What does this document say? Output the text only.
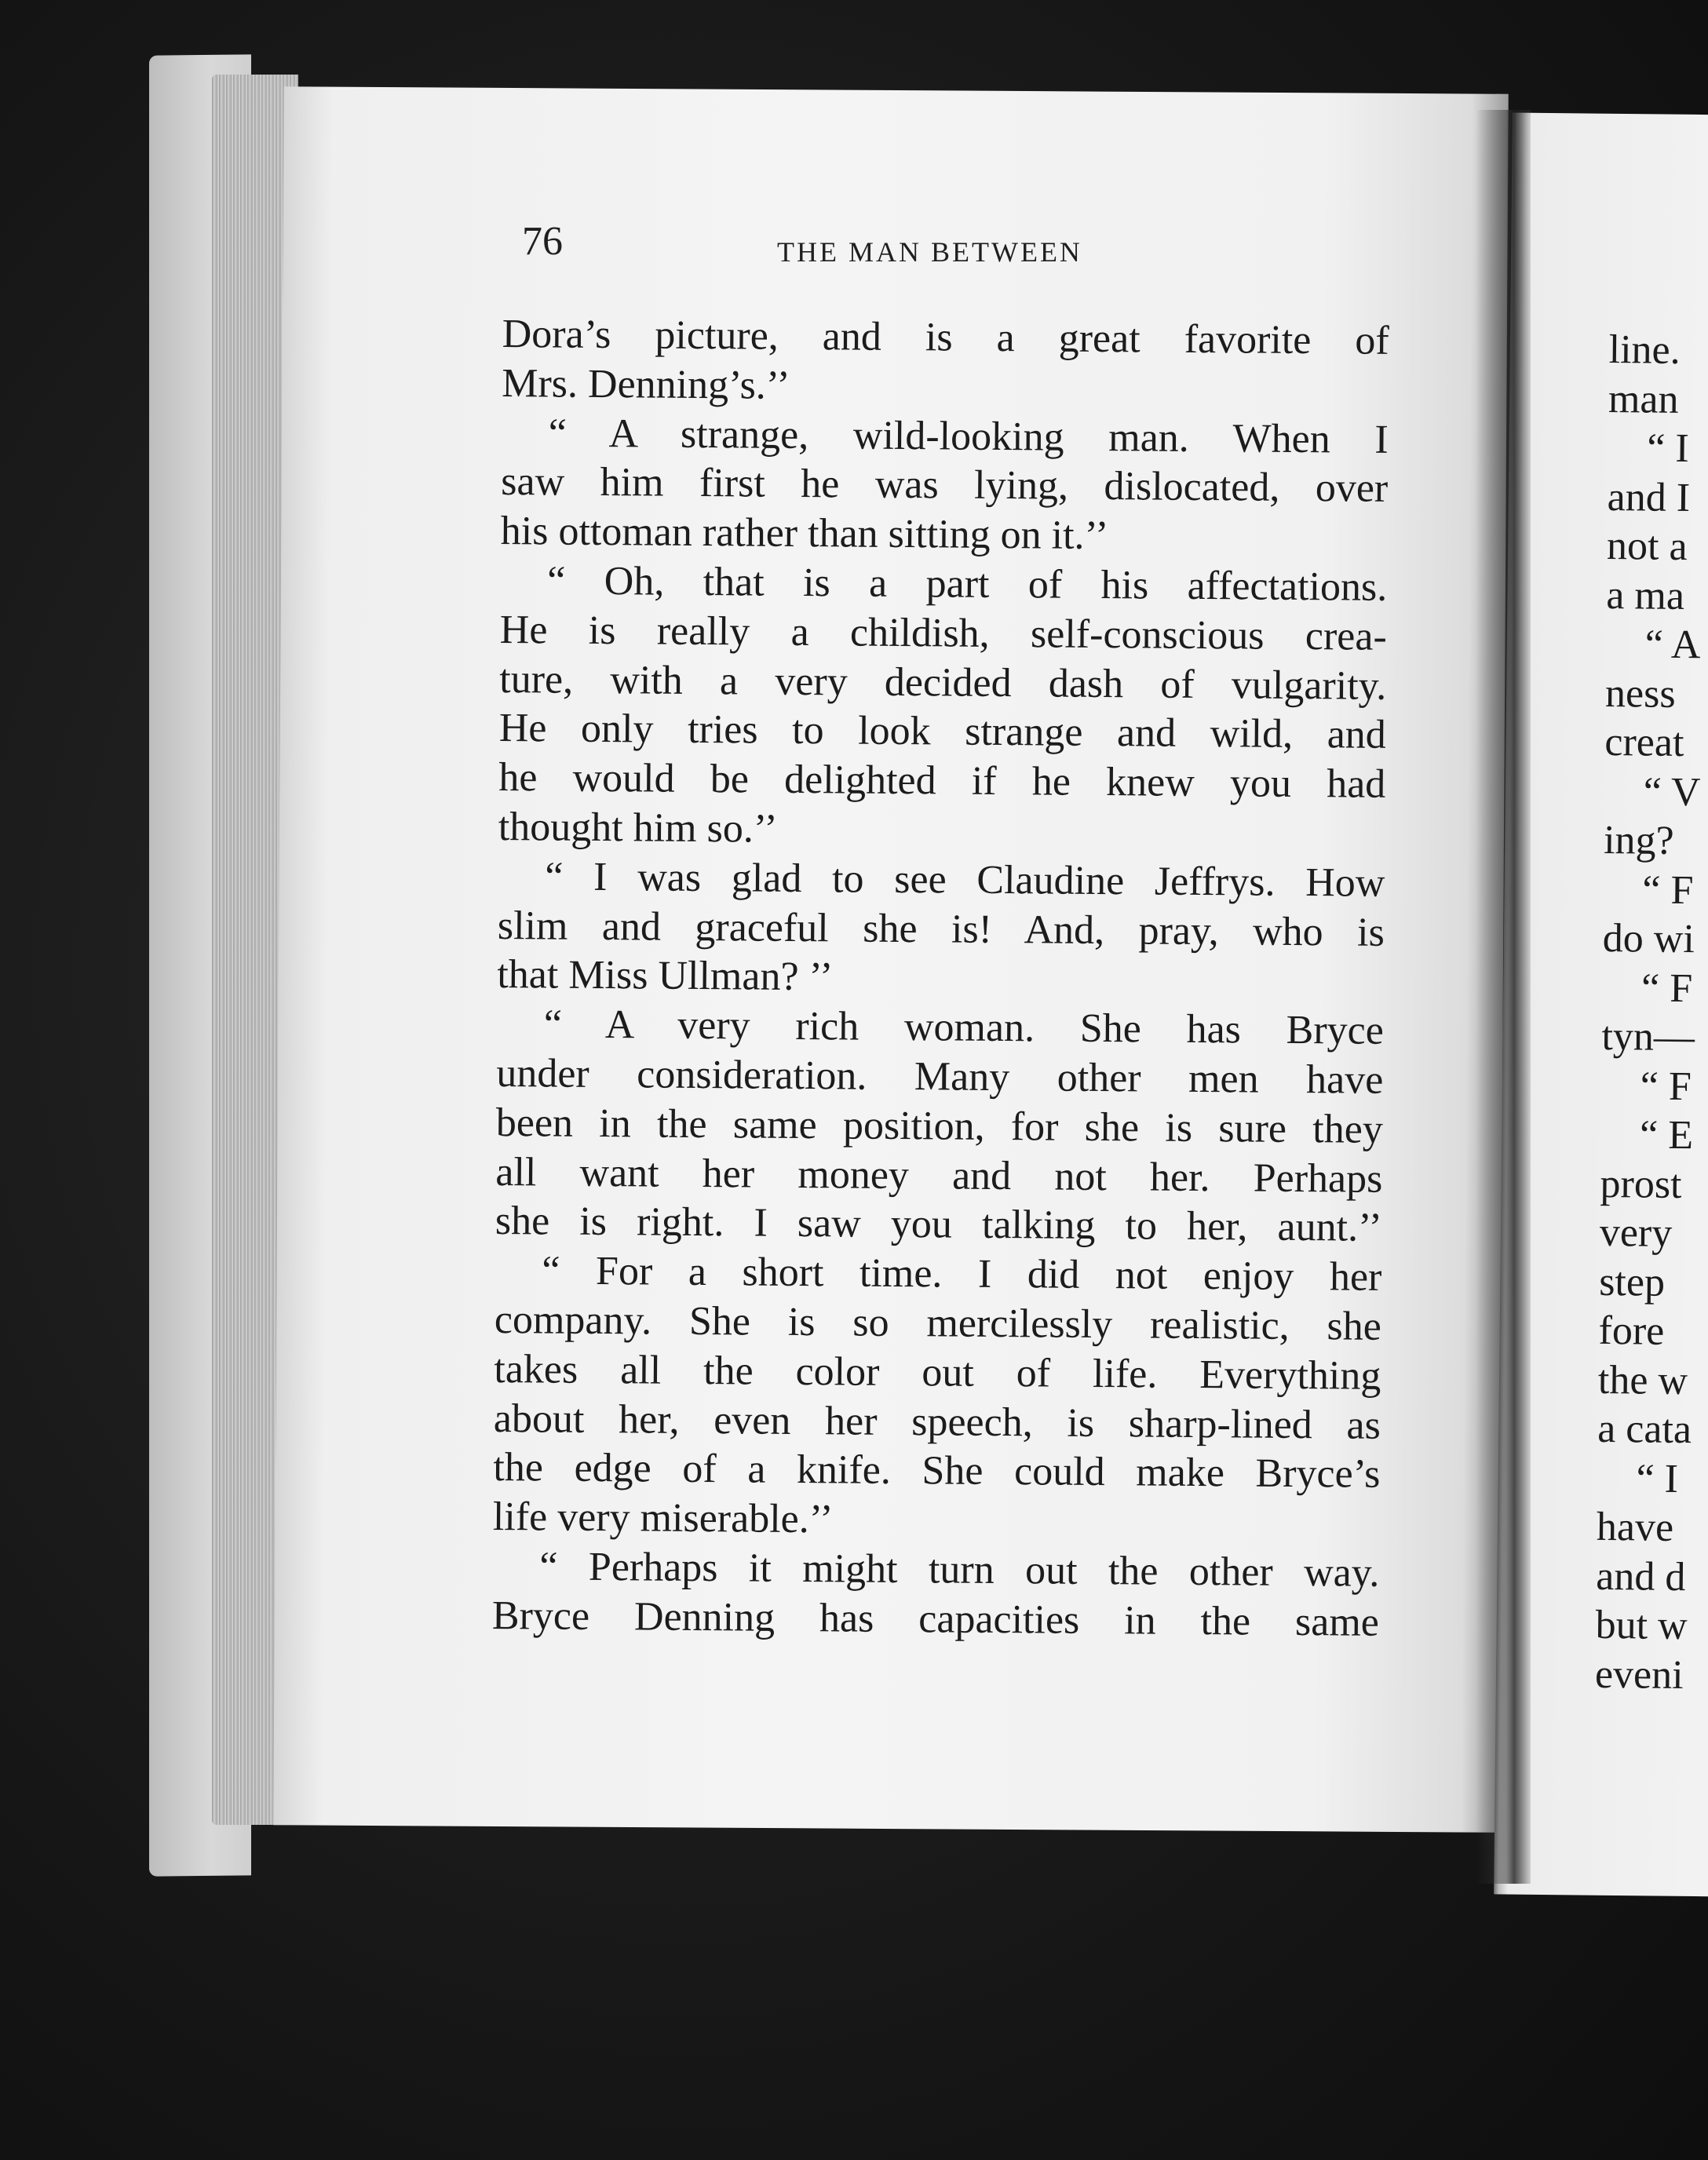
76	THE MAN BETWEEN
Dora’s picture, and is a great favorite of
Mrs. Denning’s.’’
“ A strange, wild-looking man. When I
saw him first he was lying, dislocated, over
his ottoman rather than sitting on it.’’
“ Oh, that is a part of his affectations.
He is really a childish, self-conscious crea-
ture, with a very decided dash of vulgarity.
He only tries to look strange and wild, and
he would be delighted if he knew you had
thought him so.’’
“ I was glad to see Claudine Jeffrys. How
slim and graceful she is! And, pray, who is
that Miss Ullman? ’’
“ A very rich woman. She has Bryce
under consideration. Many other men have
been in the same position, for she is sure they
all want her money and not her. Perhaps
she is right. I saw you talking to her, aunt.’’
“ For a short time. I did not enjoy her
company. She is so mercilessly realistic, she
takes all the color out of life. Everything
about her, even her speech, is sharp-lined as
the edge of a knife. She could make Bryce’s
life very miserable.’’
“ Perhaps it might turn out the other way.
Bryce Denning has capacities in the same
line.
man
“ I
and I
not a
a ma
“ A
ness
creat
“ V
ing?
“ F
do wi
“ F
tyn—
“ F
“ E
prost
very
step
fore
the w
a cata
“ I
have
and d
but w
eveni
